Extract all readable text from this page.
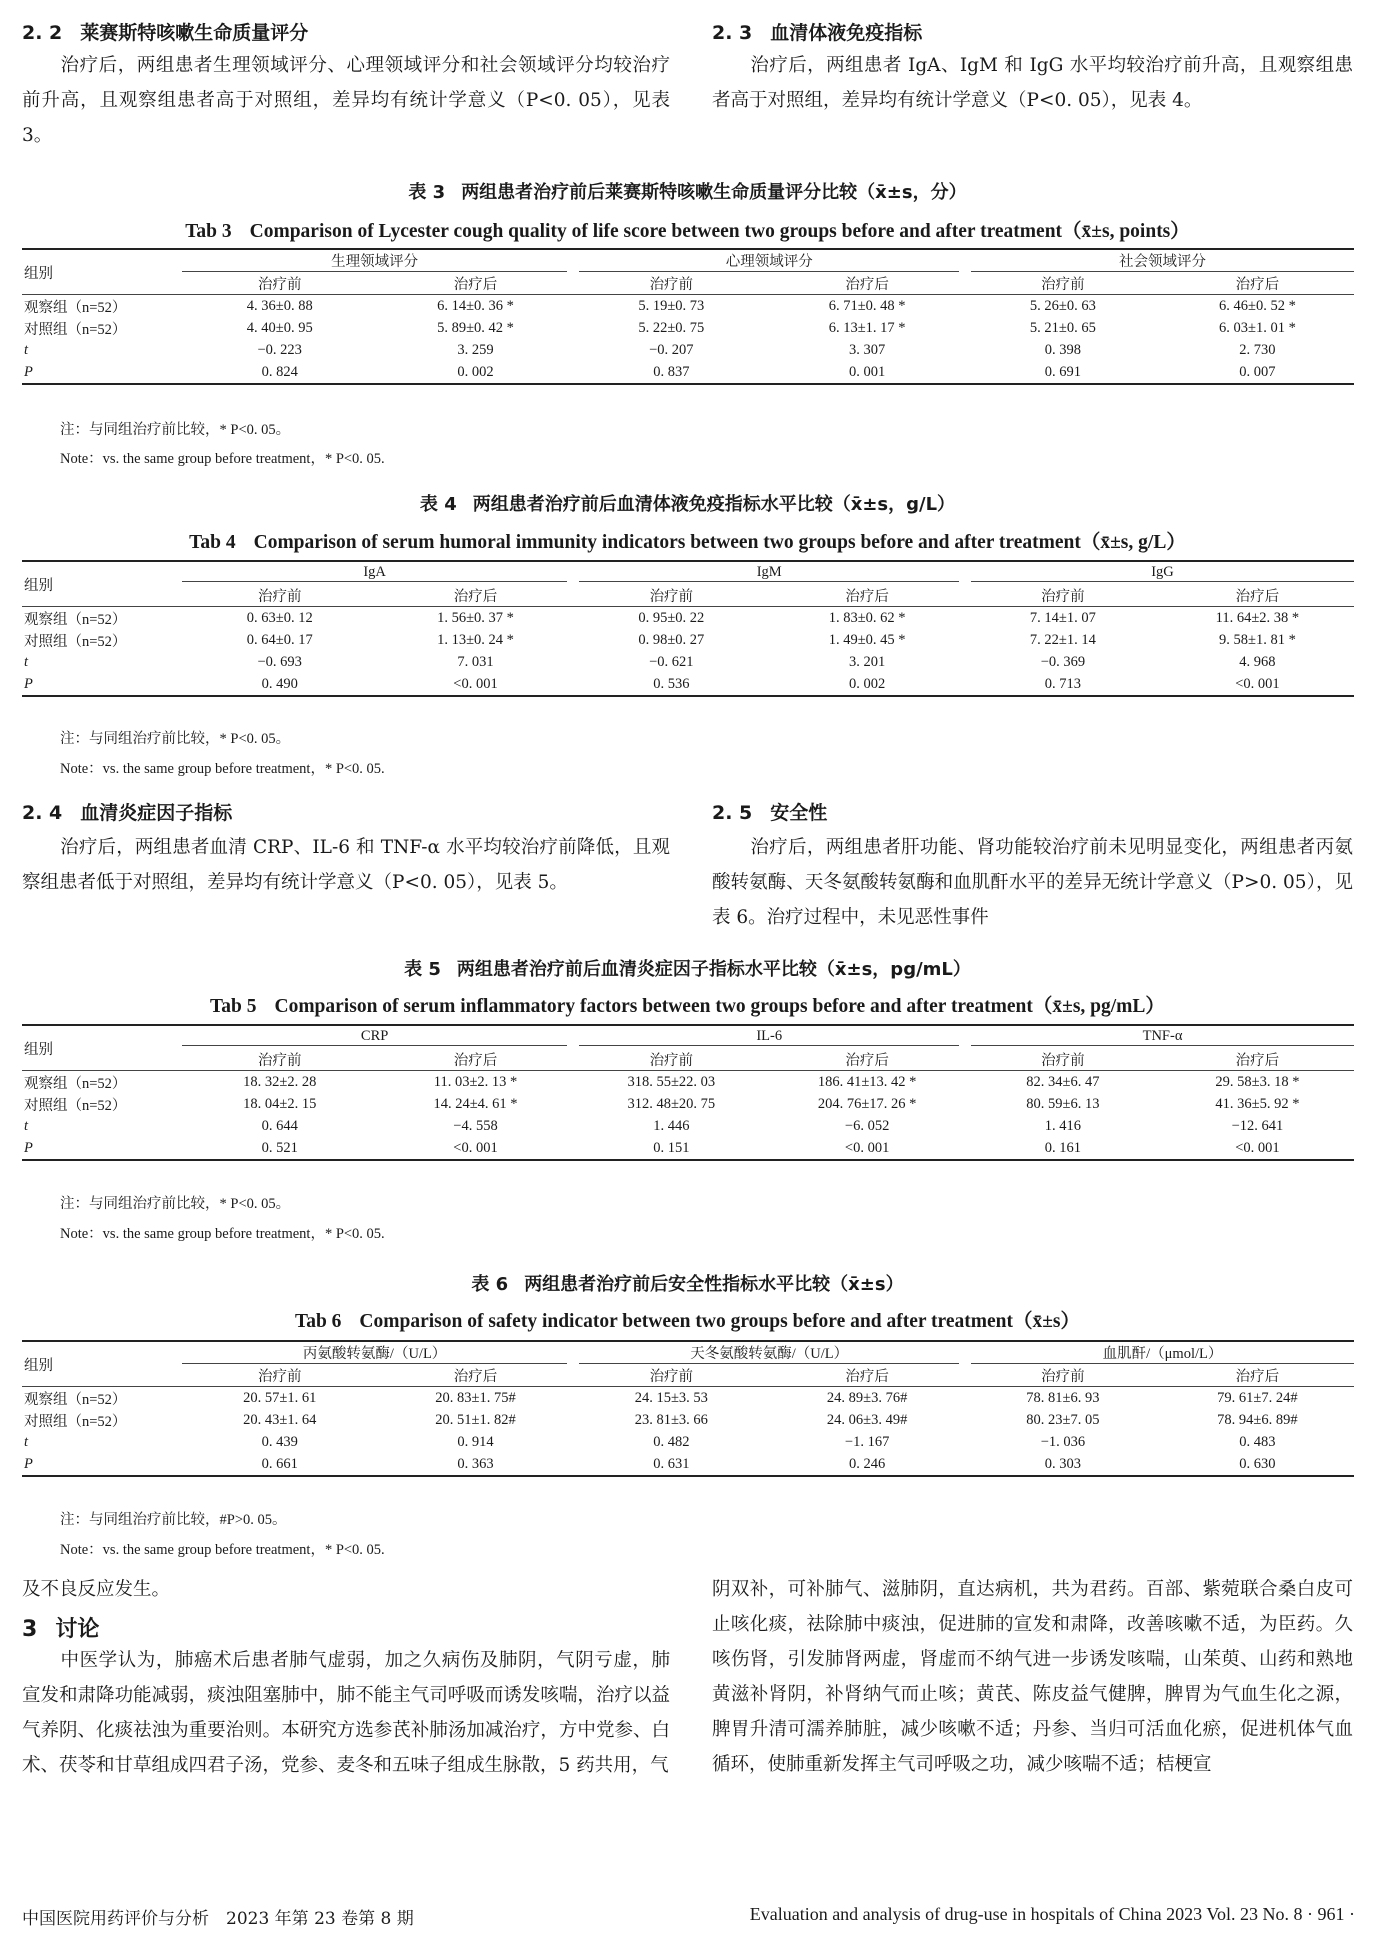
2. 2 莱赛斯特咳嗽生命质量评分
治疗后，两组患者生理领域评分、心理领域评分和社会领域评分均较治疗前升高，且观察组患者高于对照组，差异均有统计学意义（P<0. 05），见表 3。
2. 3 血清体液免疫指标
治疗后，两组患者 IgA、IgM 和 IgG 水平均较治疗前升高，且观察组患者高于对照组，差异均有统计学意义（P<0. 05），见表 4。
表 3 两组患者治疗前后莱赛斯特咳嗽生命质量评分比较（x̄±s，分）
Tab 3 Comparison of Lycester cough quality of life score between two groups before and after treatment（x̄±s, points）
组别	生理领域评分		心理领域评分		社会领域评分	

	治疗前	治疗后	治疗前	治疗后	治疗前	治疗后
观察组（n=52）	4. 36±0. 88	6. 14±0. 36 *	5. 19±0. 73	6. 71±0. 48 *	5. 26±0. 63	6. 46±0. 52 *
对照组（n=52）	4. 40±0. 95	5. 89±0. 42 *	5. 22±0. 75	6. 13±1. 17 *	5. 21±0. 65	6. 03±1. 01 *
t	−0. 223	3. 259	−0. 207	3. 307	0. 398	2. 730
P	0. 824	0. 002	0. 837	0. 001	0. 691	0. 007
注：与同组治疗前比较，* P<0. 05。
Note：vs. the same group before treatment，* P<0. 05.
表 4 两组患者治疗前后血清体液免疫指标水平比较（x̄±s，g/L）
Tab 4 Comparison of serum humoral immunity indicators between two groups before and after treatment（x̄±s, g/L）
组别	IgA		IgM		IgG	

	治疗前	治疗后	治疗前	治疗后	治疗前	治疗后
观察组（n=52）	0. 63±0. 12	1. 56±0. 37 *	0. 95±0. 22	1. 83±0. 62 *	7. 14±1. 07	11. 64±2. 38 *
对照组（n=52）	0. 64±0. 17	1. 13±0. 24 *	0. 98±0. 27	1. 49±0. 45 *	7. 22±1. 14	9. 58±1. 81 *
t	−0. 693	7. 031	−0. 621	3. 201	−0. 369	4. 968
P	0. 490	<0. 001	0. 536	0. 002	0. 713	<0. 001
注：与同组治疗前比较，* P<0. 05。
Note：vs. the same group before treatment，* P<0. 05.
2. 4 血清炎症因子指标
治疗后，两组患者血清 CRP、IL-6 和 TNF-α 水平均较治疗前降低，且观察组患者低于对照组，差异均有统计学意义（P<0. 05），见表 5。
2. 5 安全性
治疗后，两组患者肝功能、肾功能较治疗前未见明显变化，两组患者丙氨酸转氨酶、天冬氨酸转氨酶和血肌酐水平的差异无统计学意义（P>0. 05），见表 6。治疗过程中，未见恶性事件
表 5 两组患者治疗前后血清炎症因子指标水平比较（x̄±s，pg/mL）
Tab 5 Comparison of serum inflammatory factors between two groups before and after treatment（x̄±s, pg/mL）
组别	CRP		IL-6		TNF-α	

	治疗前	治疗后	治疗前	治疗后	治疗前	治疗后
观察组（n=52）	18. 32±2. 28	11. 03±2. 13 *	318. 55±22. 03	186. 41±13. 42 *	82. 34±6. 47	29. 58±3. 18 *
对照组（n=52）	18. 04±2. 15	14. 24±4. 61 *	312. 48±20. 75	204. 76±17. 26 *	80. 59±6. 13	41. 36±5. 92 *
t	0. 644	−4. 558	1. 446	−6. 052	1. 416	−12. 641
P	0. 521	<0. 001	0. 151	<0. 001	0. 161	<0. 001
注：与同组治疗前比较，* P<0. 05。
Note：vs. the same group before treatment，* P<0. 05.
表 6 两组患者治疗前后安全性指标水平比较（x̄±s）
Tab 6 Comparison of safety indicator between two groups before and after treatment（x̄±s）
组别	丙氨酸转氨酶/（U/L）		天冬氨酸转氨酶/（U/L）		血肌酐/（μmol/L）	

	治疗前	治疗后	治疗前	治疗后	治疗前	治疗后
观察组（n=52）	20. 57±1. 61	20. 83±1. 75#	24. 15±3. 53	24. 89±3. 76#	78. 81±6. 93	79. 61±7. 24#
对照组（n=52）	20. 43±1. 64	20. 51±1. 82#	23. 81±3. 66	24. 06±3. 49#	80. 23±7. 05	78. 94±6. 89#
t	0. 439	0. 914	0. 482	−1. 167	−1. 036	0. 483
P	0. 661	0. 363	0. 631	0. 246	0. 303	0. 630
注：与同组治疗前比较，#P>0. 05。
Note：vs. the same group before treatment，* P<0. 05.
及不良反应发生。
3 讨论
中医学认为，肺癌术后患者肺气虚弱，加之久病伤及肺阴，气阴亏虚，肺宣发和肃降功能减弱，痰浊阻塞肺中，肺不能主气司呼吸而诱发咳喘，治疗以益气养阴、化痰祛浊为重要治则。本研究方选参芪补肺汤加减治疗，方中党参、白术、茯苓和甘草组成四君子汤，党参、麦冬和五味子组成生脉散，5 药共用，气
阴双补，可补肺气、滋肺阴，直达病机，共为君药。百部、紫菀联合桑白皮可止咳化痰，祛除肺中痰浊，促进肺的宣发和肃降，改善咳嗽不适，为臣药。久咳伤肾，引发肺肾两虚，肾虚而不纳气进一步诱发咳喘，山茱萸、山药和熟地黄滋补肾阴，补肾纳气而止咳；黄芪、陈皮益气健脾，脾胃为气血生化之源，脾胃升清可濡养肺脏，减少咳嗽不适；丹参、当归可活血化瘀，促进机体气血循环，使肺重新发挥主气司呼吸之功，减少咳喘不适；桔梗宣
中国医院用药评价与分析　2023 年第 23 卷第 8 期	Evaluation and analysis of drug-use in hospitals of China 2023 Vol. 23 No. 8 · 961 ·
